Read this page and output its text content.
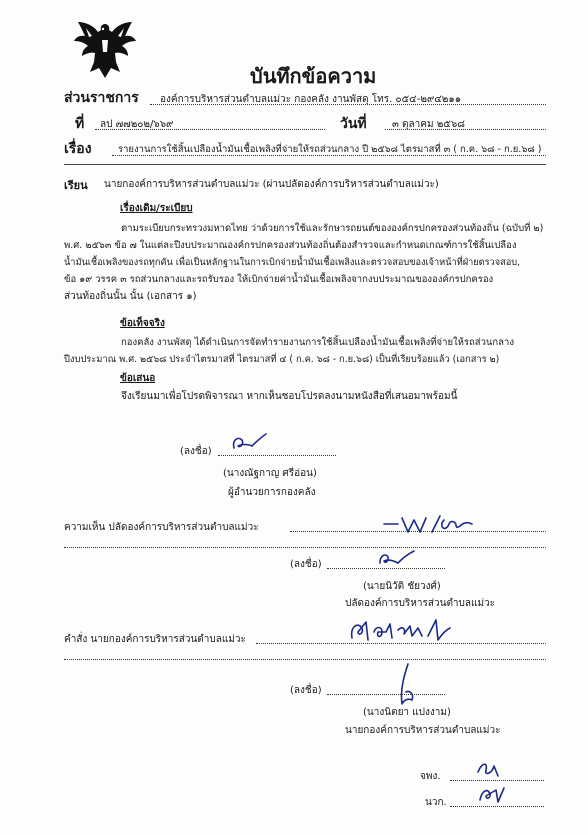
บันทึกข้อความ
ส่วนราชการ องค์การบริหารส่วนตำบลแม่วะ กองคลัง งานพัสดุ โทร. ๐๕๔-๒๙๔๒๑๑
ที่ ลป ๗๗๒๐๒/๖๖๙	วันที่	๓ ตุลาคม ๒๕๖๘
เรื่อง	รายงานการใช้สิ้นเปลืองน้ำมันเชื้อเพลิงที่จ่ายให้รถส่วนกลาง ปี ๒๕๖๘ ไตรมาสที่ ๓ ( ก.ค. ๖๘ - ก.ย.๖๘ )
เรียน นายกองค์การบริหารส่วนตำบลแม่วะ (ผ่านปลัดองค์การบริหารส่วนตำบลแม่วะ)
เรื่องเดิม/ระเบียบ
ตามระเบียบกระทรวงมหาดไทย ว่าด้วยการใช้และรักษารถยนต์ขององค์กรปกครองส่วนท้องถิ่น (ฉบับที่ ๒)
พ.ศ. ๒๕๖๓ ข้อ ๗ ในแต่ละปีงบประมาณองค์กรปกครองส่วนท้องถิ่นต้องสำรวจและกำหนดเกณฑ์การใช้สิ้นเปลือง
น้ำมันเชื้อเพลิงของรถทุกคัน เพื่อเป็นหลักฐานในการเบิกจ่ายน้ำมันเชื้อเพลิงและตรวจสอบของเจ้าหน้าที่ฝ่ายตรวจสอบ,
ข้อ ๑๙ วรรค ๓ รถส่วนกลางและรถรับรอง ให้เบิกจ่ายค่าน้ำมันเชื้อเพลิงจากงบประมาณขององค์กรปกครอง
ส่วนท้องถิ่นนั้น นั้น (เอกสาร ๑)
ข้อเท็จจริง
กองคลัง งานพัสดุ ได้ดำเนินการจัดทำรายงานการใช้สิ้นเปลืองน้ำมันเชื้อเพลิงที่จ่ายให้รถส่วนกลาง
ปีงบประมาณ พ.ศ. ๒๕๖๘ ประจำไตรมาสที่ ไตรมาสที่ ๔ ( ก.ค. ๖๘ - ก.ย.๖๘) เป็นที่เรียบร้อยแล้ว (เอกสาร ๒)
ข้อเสนอ
จึงเรียนมาเพื่อโปรดพิจารณา หากเห็นชอบโปรดลงนามหนังสือที่เสนอมาพร้อมนี้
(ลงชื่อ)
(นางณัฐกาญ ศรีอ่อน)
ผู้อำนวยการกองคลัง
ความเห็น ปลัดองค์การบริหารส่วนตำบลแม่วะ
(ลงชื่อ)
(นายนิวัติ ชัยวงศ์)
ปลัดองค์การบริหารส่วนตำบลแม่วะ
คำสั่ง นายกองค์การบริหารส่วนตำบลแม่วะ
(ลงชื่อ)
(นางนิตยา แปงงาม)
นายกองค์การบริหารส่วนตำบลแม่วะ
จพง.
นวก.
